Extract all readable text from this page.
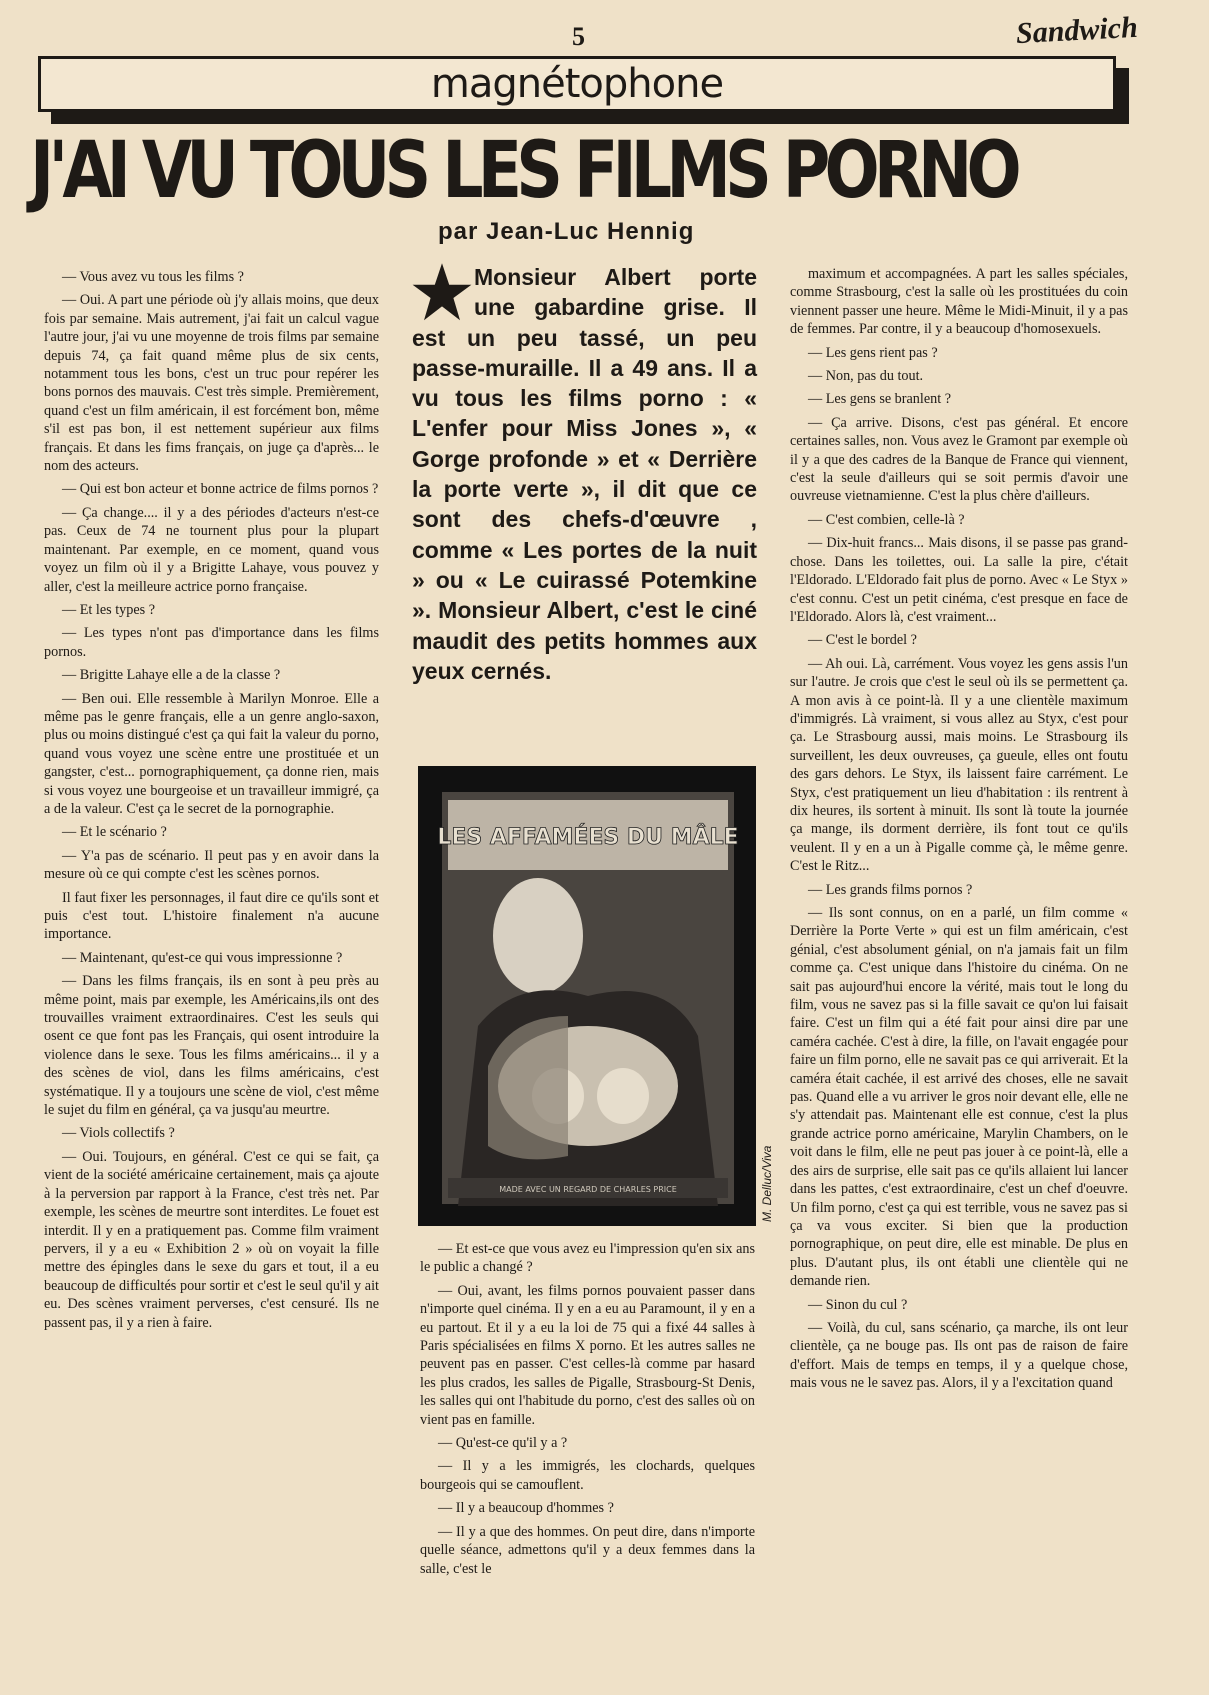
5	Sandwich
magnétophone
J'AI VU TOUS LES FILMS PORNO
par Jean-Luc Hennig

— Vous avez vu tous les films ?

— Oui. A part une période où j'y allais moins, que deux fois par semaine. Mais autrement, j'ai fait un calcul vague l'autre jour, j'ai vu une moyenne de trois films par semaine depuis 74, ça fait quand même plus de six cents, notamment tous les bons, c'est un truc pour repérer les bons pornos des mauvais. C'est très simple. Premièrement, quand c'est un film américain, il est forcément bon, même s'il est pas bon, il est nettement supérieur aux films français. Et dans les fims français, on juge ça d'après... le nom des acteurs.

— Qui est bon acteur et bonne actrice de films pornos ?

— Ça change.... il y a des périodes d'acteurs n'est-ce pas. Ceux de 74 ne tournent plus pour la plupart maintenant. Par exemple, en ce moment, quand vous voyez un film où il y a Brigitte Lahaye, vous pouvez y aller, c'est la meilleure actrice porno française.

— Et les types ?

— Les types n'ont pas d'importance dans les films pornos.

— Brigitte Lahaye elle a de la classe ?

— Ben oui. Elle ressemble à Marilyn Monroe. Elle a même pas le genre français, elle a un genre anglo-saxon, plus ou moins distingué c'est ça qui fait la valeur du porno, quand vous voyez une scène entre une prostituée et un gangster, c'est... pornographiquement, ça donne rien, mais si vous voyez une bourgeoise et un travailleur immigré, ça a de la valeur. C'est ça le secret de la pornographie.

— Et le scénario ?

— Y'a pas de scénario. Il peut pas y en avoir dans la mesure où ce qui compte c'est les scènes pornos.

Il faut fixer les personnages, il faut dire ce qu'ils sont et puis c'est tout. L'histoire finalement n'a aucune importance.

— Maintenant, qu'est-ce qui vous impressionne ?

— Dans les films français, ils en sont à peu près au même point, mais par exemple, les Américains,ils ont des trouvailles vraiment extraordinaires. C'est les seuls qui osent ce que font pas les Français, qui osent introduire la violence dans le sexe. Tous les films américains... il y a des scènes de viol, dans les films américains, c'est systématique. Il y a toujours une scène de viol, c'est même le sujet du film en général, ça va jusqu'au meurtre.

— Viols collectifs ?

— Oui. Toujours, en général. C'est ce qui se fait, ça vient de la société américaine certainement, mais ça ajoute à la perversion par rapport à la France, c'est très net. Par exemple, les scènes de meurtre sont interdites. Le fouet est interdit. Il y en a pratiquement pas. Comme film vraiment pervers, il y a eu « Exhibition 2 » où on voyait la fille mettre des épingles dans le sexe du gars et tout, il a eu beaucoup de difficultés pour sortir et c'est le seul qu'il y ait eu. Des scènes vraiment perverses, c'est censuré. Ils ne passent pas, il y a rien à faire.

Monsieur Albert porte une gabardine grise. Il est un peu tassé, un peu passe-muraille. Il a 49 ans. Il a vu tous les films porno : « L'enfer pour Miss Jones », « Gorge profonde » et « Derrière la porte verte », il dit que ce sont des chefs-d'œuvre , comme « Les portes de la nuit » ou « Le cuirassé Potemkine ». Monsieur Albert, c'est le ciné maudit des petits hommes aux yeux cernés.
LES AFFAMÉES DU MÂLE
MADE AVEC UN REGARD DE CHARLES PRICE	M. Delluc/Viva

— Et est-ce que vous avez eu l'impression qu'en six ans le public a changé ?

— Oui, avant, les films pornos pouvaient passer dans n'importe quel cinéma. Il y en a eu au Paramount, il y en a eu partout. Et il y a eu la loi de 75 qui a fixé 44 salles à Paris spécialisées en films X porno. Et les autres salles ne peuvent pas en passer. C'est celles-là comme par hasard les plus crados, les salles de Pigalle, Strasbourg-St Denis, les salles qui ont l'habitude du porno, c'est des salles où on vient pas en famille.

— Qu'est-ce qu'il y a ?

— Il y a les immigrés, les clochards, quelques bourgeois qui se camouflent.

— Il y a beaucoup d'hommes ?

— Il y a que des hommes. On peut dire, dans n'importe quelle séance, admettons qu'il y a deux femmes dans la salle, c'est le

maximum et accompagnées. A part les salles spéciales, comme Strasbourg, c'est la salle où les prostituées du coin viennent passer une heure. Même le Midi-Minuit, il y a pas de femmes. Par contre, il y a beaucoup d'homosexuels.

— Les gens rient pas ?

— Non, pas du tout.

— Les gens se branlent ?

— Ça arrive. Disons, c'est pas général. Et encore certaines salles, non. Vous avez le Gramont par exemple où il y a que des cadres de la Banque de France qui viennent, c'est la seule d'ailleurs qui se soit permis d'avoir une ouvreuse vietnamienne. C'est la plus chère d'ailleurs.

— C'est combien, celle-là ?

— Dix-huit francs... Mais disons, il se passe pas grand-chose. Dans les toilettes, oui. La salle la pire, c'était l'Eldorado. L'Eldorado fait plus de porno. Avec « Le Styx » c'est connu. C'est un petit cinéma, c'est presque en face de l'Eldorado. Alors là, c'est vraiment...

— C'est le bordel ?

— Ah oui. Là, carrément. Vous voyez les gens assis l'un sur l'autre. Je crois que c'est le seul où ils se permettent ça. A mon avis à ce point-là. Il y a une clientèle maximum d'immigrés. Là vraiment, si vous allez au Styx, c'est pour ça. Le Strasbourg aussi, mais moins. Le Strasbourg ils surveillent, les deux ouvreuses, ça gueule, elles ont foutu des gars dehors. Le Styx, ils laissent faire carrément. Le Styx, c'est pratiquement un lieu d'habitation : ils rentrent à dix heures, ils sortent à minuit. Ils sont là toute la journée ça mange, ils dorment derrière, ils font tout ce qu'ils veulent. Il y en a un à Pigalle comme çà, le même genre. C'est le Ritz...

— Les grands films pornos ?

— Ils sont connus, on en a parlé, un film comme « Derrière la Porte Verte » qui est un film américain, c'est génial, c'est absolument génial, on n'a jamais fait un film comme ça. C'est unique dans l'histoire du cinéma. On ne sait pas aujourd'hui encore la vérité, mais tout le long du film, vous ne savez pas si la fille savait ce qu'on lui faisait faire. C'est un film qui a été fait pour ainsi dire par une caméra cachée. C'est à dire, la fille, on l'avait engagée pour faire un film porno, elle ne savait pas ce qui arriverait. Et la caméra était cachée, il est arrivé des choses, elle ne savait pas. Quand elle a vu arriver le gros noir devant elle, elle ne s'y attendait pas. Maintenant elle est connue, c'est la plus grande actrice porno américaine, Marylin Chambers, on le voit dans le film, elle ne peut pas jouer à ce point-là, elle a des airs de surprise, elle sait pas ce qu'ils allaient lui lancer dans les pattes, c'est extraordinaire, c'est un chef d'oeuvre. Un film porno, c'est ça qui est terrible, vous ne savez pas si ça va vous exciter. Si bien que la production pornographique, on peut dire, elle est minable. De plus en plus. D'autant plus, ils ont établi une clientèle qui ne demande rien.

— Sinon du cul ?

— Voilà, du cul, sans scénario, ça marche, ils ont leur clientèle, ça ne bouge pas. Ils ont pas de raison de faire d'effort. Mais de temps en temps, il y a quelque chose, mais vous ne le savez pas. Alors, il y a l'excitation quand
